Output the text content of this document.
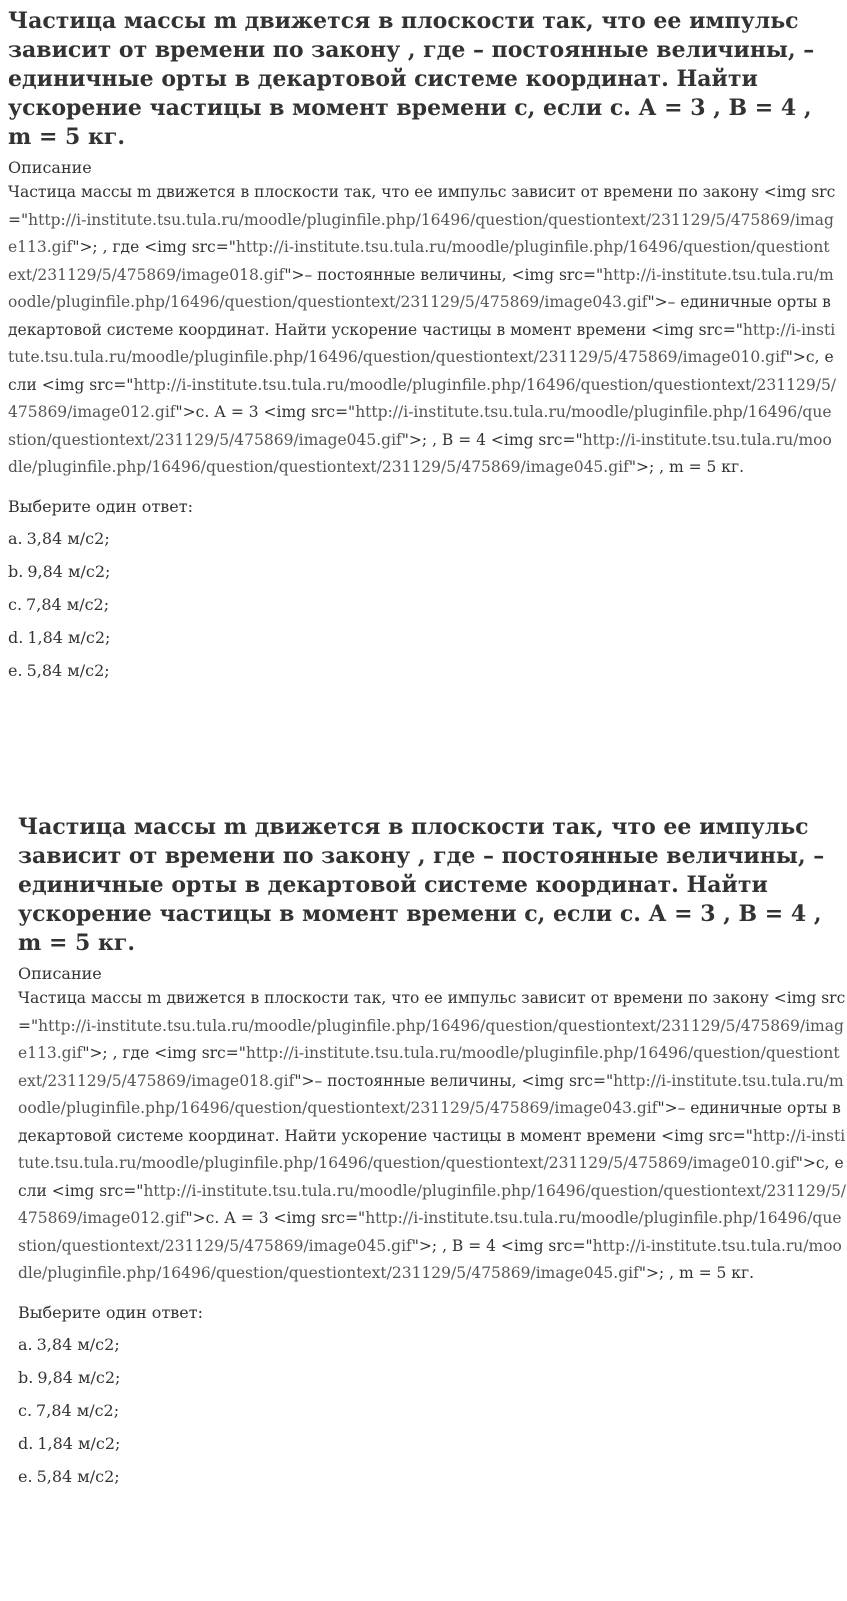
Частица массы m движется в плоскости так, что ее импульс зависит от времени по закону , где – постоянные величины, – единичные орты в декартовой системе координат. Найти ускорение частицы в момент времени с, если с. А = 3 , В = 4 , m = 5 кг.
Описание
Частица массы m движется в плоскости так, что ее импульс зависит от времени по закону <img src="http://i-institute.tsu.tula.ru/moodle/pluginfile.php/16496/question/questiontext/231129/5/475869/image113.gif">; , где <img src="http://i-institute.tsu.tula.ru/moodle/pluginfile.php/16496/question/questiontext/231129/5/475869/image018.gif">– постоянные величины, <img src="http://i-institute.tsu.tula.ru/moodle/pluginfile.php/16496/question/questiontext/231129/5/475869/image043.gif">– единичные орты в декартовой системе координат. Найти ускорение частицы в момент времени <img src="http://i-institute.tsu.tula.ru/moodle/pluginfile.php/16496/question/questiontext/231129/5/475869/image010.gif">с, если <img src="http://i-institute.tsu.tula.ru/moodle/pluginfile.php/16496/question/questiontext/231129/5/475869/image012.gif">с. А = 3 <img src="http://i-institute.tsu.tula.ru/moodle/pluginfile.php/16496/question/questiontext/231129/5/475869/image045.gif">; , В = 4 <img src="http://i-institute.tsu.tula.ru/moodle/pluginfile.php/16496/question/questiontext/231129/5/475869/image045.gif">; , m = 5 кг.
Выберите один ответ:
a. 3,84 м/с2;
b. 9,84 м/с2;
c. 7,84 м/с2;
d. 1,84 м/с2;
e. 5,84 м/с2;
Частица массы m движется в плоскости так, что ее импульс зависит от времени по закону , где – постоянные величины, – единичные орты в декартовой системе координат. Найти ускорение частицы в момент времени с, если с. А = 3 , В = 4 , m = 5 кг.
Описание
Частица массы m движется в плоскости так, что ее импульс зависит от времени по закону <img src="http://i-institute.tsu.tula.ru/moodle/pluginfile.php/16496/question/questiontext/231129/5/475869/image113.gif">; , где <img src="http://i-institute.tsu.tula.ru/moodle/pluginfile.php/16496/question/questiontext/231129/5/475869/image018.gif">– постоянные величины, <img src="http://i-institute.tsu.tula.ru/moodle/pluginfile.php/16496/question/questiontext/231129/5/475869/image043.gif">– единичные орты в декартовой системе координат. Найти ускорение частицы в момент времени <img src="http://i-institute.tsu.tula.ru/moodle/pluginfile.php/16496/question/questiontext/231129/5/475869/image010.gif">с, если <img src="http://i-institute.tsu.tula.ru/moodle/pluginfile.php/16496/question/questiontext/231129/5/475869/image012.gif">с. А = 3 <img src="http://i-institute.tsu.tula.ru/moodle/pluginfile.php/16496/question/questiontext/231129/5/475869/image045.gif">; , В = 4 <img src="http://i-institute.tsu.tula.ru/moodle/pluginfile.php/16496/question/questiontext/231129/5/475869/image045.gif">; , m = 5 кг.
Выберите один ответ:
a. 3,84 м/с2;
b. 9,84 м/с2;
c. 7,84 м/с2;
d. 1,84 м/с2;
e. 5,84 м/с2;
